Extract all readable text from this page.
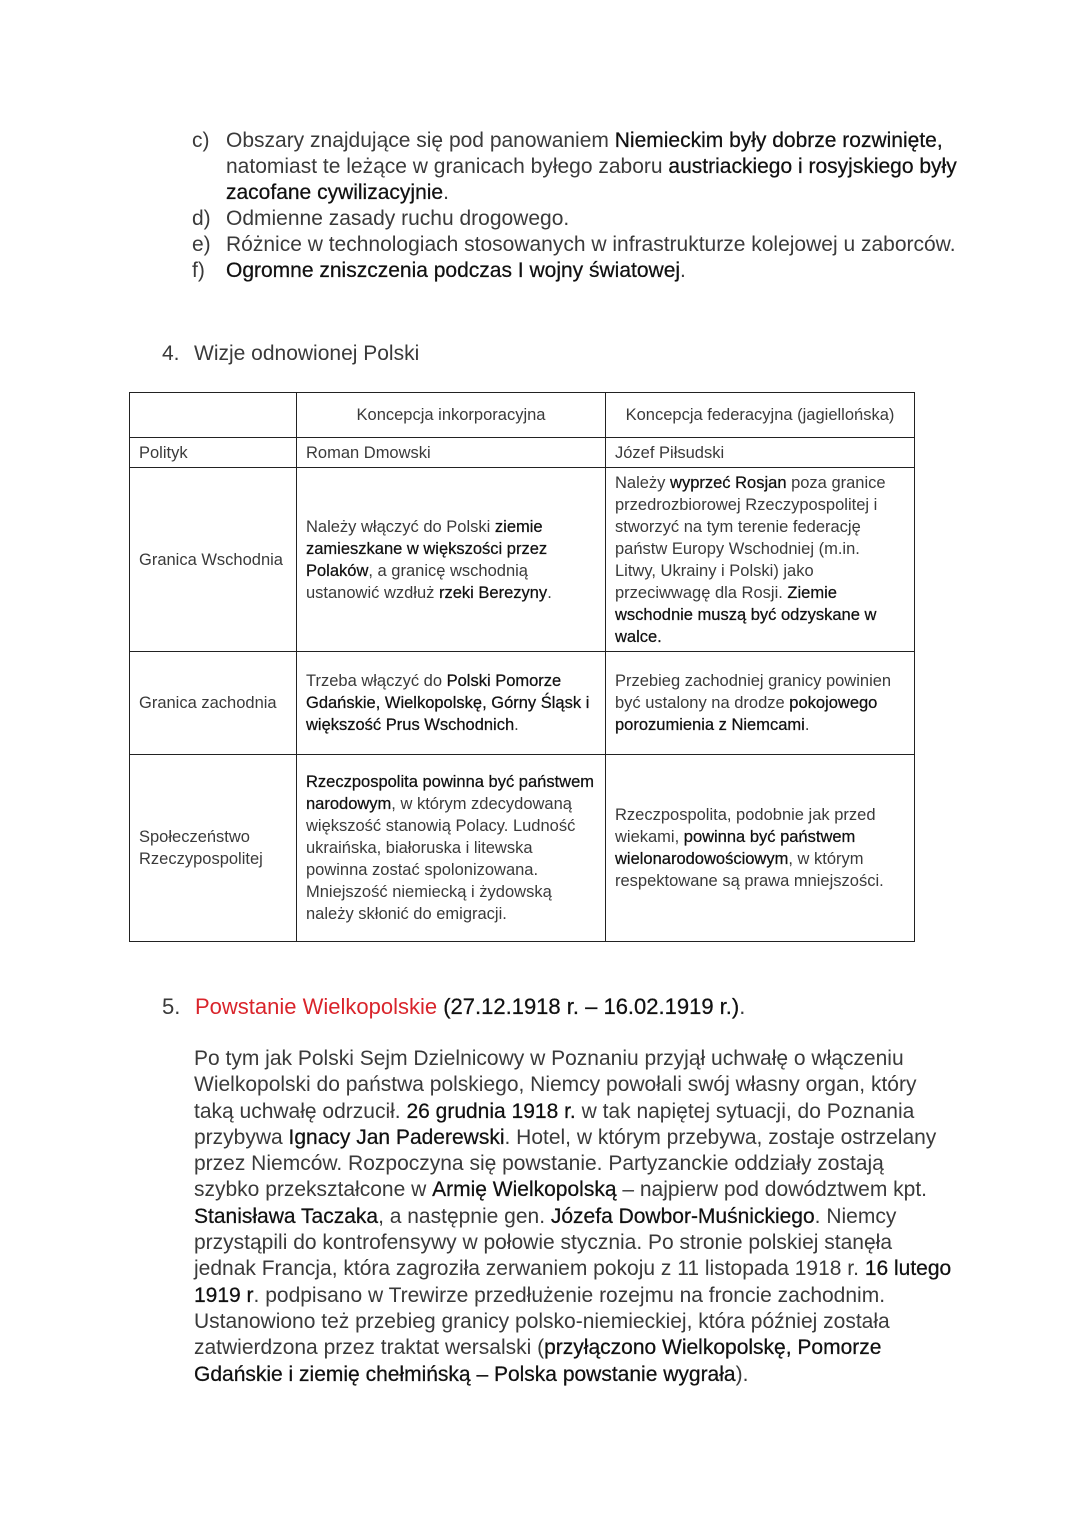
c) Obszary znajdujące się pod panowaniem Niemieckim były dobrze rozwinięte, natomiast te leżące w granicach byłego zaboru austriackiego i rosyjskiego były zacofane cywilizacyjnie.
d) Odmienne zasady ruchu drogowego.
e) Różnice w technologiach stosowanych w infrastrukturze kolejowej u zaborców.
f)	Ogromne zniszczenia podczas I wojny światowej.
4. Wizje odnowionej Polski
	Koncepcja inkorporacyjna	Koncepcja federacyjna (jagiellońska)
Polityk	Roman Dmowski	Józef Piłsudski
Granica Wschodnia	Należy włączyć do Polski ziemie zamieszkane w większości przez Polaków, a granicę wschodnią ustanowić wzdłuż rzeki Berezyny.	Należy wyprzeć Rosjan poza granice przedrozbiorowej Rzeczypospolitej i stworzyć na tym terenie federację państw Europy Wschodniej (m.in. Litwy, Ukrainy i Polski) jako przeciwwagę dla Rosji. Ziemie wschodnie muszą być odzyskane w walce.
Granica zachodnia	Trzeba włączyć do Polski Pomorze Gdańskie, Wielkopolskę, Górny Śląsk i większość Prus Wschodnich.	Przebieg zachodniej granicy powinien być ustalony na drodze pokojowego porozumienia z Niemcami.
Społeczeństwo Rzeczypospolitej	Rzeczpospolita powinna być państwem narodowym, w którym zdecydowaną większość stanowią Polacy. Ludność ukraińska, białoruska i litewska powinna zostać spolonizowana. Mniejszość niemiecką i żydowską należy skłonić do emigracji.	Rzeczpospolita, podobnie jak przed wiekami, powinna być państwem wielonarodowościowym, w którym respektowane są prawa mniejszości.
5. Powstanie Wielkopolskie (27.12.1918 r. – 16.02.1919 r.).
Po tym jak Polski Sejm Dzielnicowy w Poznaniu przyjął uchwałę o włączeniu Wielkopolski do państwa polskiego, Niemcy powołali swój własny organ, który taką uchwałę odrzucił. 26 grudnia 1918 r. w tak napiętej sytuacji, do Poznania przybywa Ignacy Jan Paderewski. Hotel, w którym przebywa, zostaje ostrzelany przez Niemców. Rozpoczyna się powstanie. Partyzanckie oddziały zostają szybko przekształcone w Armię Wielkopolską – najpierw pod dowództwem kpt. Stanisława Taczaka, a następnie gen. Józefa Dowbor-Muśnickiego. Niemcy przystąpili do kontrofensywy w połowie stycznia. Po stronie polskiej stanęła jednak Francja, która zagroziła zerwaniem pokoju z 11 listopada 1918 r. 16 lutego 1919 r. podpisano w Trewirze przedłużenie rozejmu na froncie zachodnim. Ustanowiono też przebieg granicy polsko-niemieckiej, która później została zatwierdzona przez traktat wersalski (przyłączono Wielkopolskę, Pomorze Gdańskie i ziemię chełmińską – Polska powstanie wygrała).
